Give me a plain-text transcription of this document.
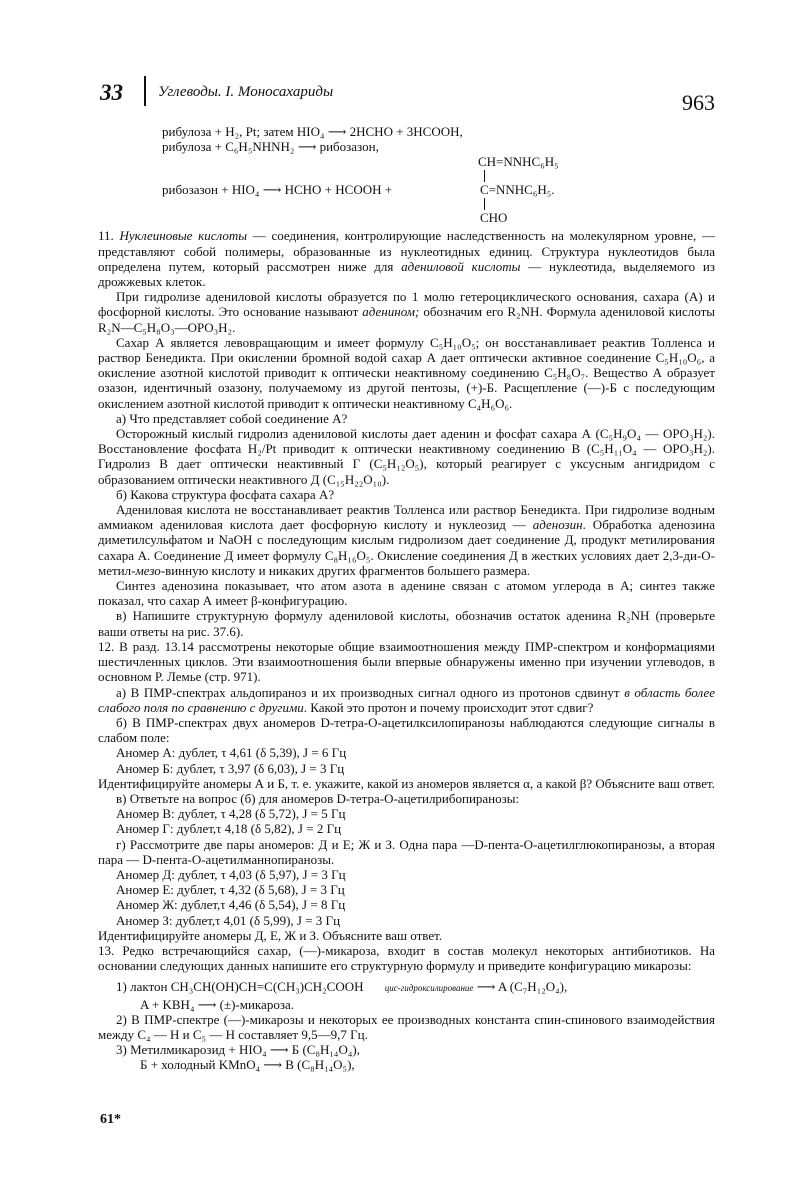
33 Углеводы. I. Моносахариды	963

рибулоза + H₂, Pt; затем HIO₄ ⟶ 2HCHO + 3HCOOH,

рибулоза + C₆H₅NHNH₂ ⟶ рибозазон,

CH=NNHC₆H₅
рибозазон + HIO₄ ⟶ HCHO + HCOOH +	C=NNHC₆H₅.
CHO

11. Нуклеиновые кислоты — соединения, контролирующие наследственность на молекулярном уровне, — представляют собой полимеры, образованные из нуклеотидных единиц. Структура нуклеотидов была определена путем, который рассмотрен ниже для адениловой кислоты — нуклеотида, выделяемого из дрожжевых клеток.

При гидролизе адениловой кислоты образуется по 1 молю гетероциклического основания, сахара (А) и фосфорной кислоты. Это основание называют аденином; обозначим его R₂NH. Формула адениловой кислоты R₂N—C₅H₈O₃—OPO₃H₂.

Сахар А является левовращающим и имеет формулу C₅H₁₀O₅; он восстанавливает реактив Толленса и раствор Бенедикта. При окислении бромной водой сахар А дает оптически активное соединение C₅H₁₀O₆, а окисление азотной кислотой приводит к оптически неактивному соединению C₅H₈O₇. Вещество А образует озазон, идентичный озазону, получаемому из другой пентозы, (+)-Б. Расщепление (—)-Б с последующим окислением азотной кислотой приводит к оптически неактивному C₄H₆O₆.

а) Что представляет собой соединение А?

Осторожный кислый гидролиз адениловой кислоты дает аденин и фосфат сахара А (C₅H₉O₄ — OPO₃H₂). Восстановление фосфата H₂/Pt приводит к оптически неактивному соединению В (C₅H₁₁O₄ — OPO₃H₂). Гидролиз В дает оптически неактивный Г (C₅H₁₂O₅), который реагирует с уксусным ангидридом с образованием оптически неактивного Д (C₁₅H₂₂O₁₀).

б) Какова структура фосфата сахара А?

Адениловая кислота не восстанавливает реактив Толленса или раствор Бенедикта. При гидролизе водным аммиаком адениловая кислота дает фосфорную кислоту и нуклеозид — аденозин. Обработка аденозина диметилсульфатом и NaOH с последующим кислым гидролизом дает соединение Д, продукт метилирования сахара А. Соединение Д имеет формулу C₈H₁₆O₅. Окисление соединения Д в жестких условиях дает 2,3-ди-О-метил-мезо-винную кислоту и никаких других фрагментов большего размера.

Синтез аденозина показывает, что атом азота в аденине связан с атомом углерода в А; синтез также показал, что сахар А имеет β-конфигурацию.

в) Напишите структурную формулу адениловой кислоты, обозначив остаток аденина R₂NH (проверьте ваши ответы на рис. 37.6).

12. В разд. 13.14 рассмотрены некоторые общие взаимоотношения между ПМР-спектром и конформациями шестичленных циклов. Эти взаимоотношения были впервые обнаружены именно при изучении углеводов, в основном Р. Лемье (стр. 971).

а) В ПМР-спектрах альдопираноз и их производных сигнал одного из протонов сдвинут в область более слабого поля по сравнению с другими. Какой это протон и почему происходит этот сдвиг?

б) В ПМР-спектрах двух аномеров D-тетра-О-ацетилксилопиранозы наблюдаются следующие сигналы в слабом поле:

Аномер А: дублет, τ 4,61 (δ 5,39), J = 6 Гц

Аномер Б: дублет, τ 3,97 (δ 6,03), J = 3 Гц

Идентифицируйте аномеры А и Б, т. е. укажите, какой из аномеров является α, а какой β? Объясните ваш ответ.

в) Ответьте на вопрос (б) для аномеров D-тетра-О-ацетилрибопиранозы:

Аномер В: дублет, τ 4,28 (δ 5,72), J = 5 Гц

Аномер Г: дублет,τ 4,18 (δ 5,82), J = 2 Гц

г) Рассмотрите две пары аномеров: Д и Е; Ж и З. Одна пара —D-пента-О-ацетилглюкопиранозы, а вторая пара — D-пента-О-ацетилманнопиранозы.

Аномер Д: дублет, τ 4,03 (δ 5,97), J = 3 Гц

Аномер Е: дублет, τ 4,32 (δ 5,68), J = 3 Гц

Аномер Ж: дублет,τ 4,46 (δ 5,54), J = 8 Гц

Аномер З: дублет,τ 4,01 (δ 5,99), J = 3 Гц

Идентифицируйте аномеры Д, Е, Ж и З. Объясните ваш ответ.

13. Редко встречающийся сахар, (—)-микароза, входит в состав молекул некоторых антибиотиков. На основании следующих данных напишите его структурную формулу и приведите конфигурацию микарозы:

1) лактон CH₃CH(OH)CH=C(CH₃)CH₂COOH цис-гидроксилирование ⟶ A (C₇H₁₂O₄),

A + KBH₄ ⟶ (±)-микароза.

2) В ПМР-спектре (—)-микарозы и некоторых ее производных константа спин-спинового взаимодействия между C₄ — H и C₅ — H составляет 9,5—9,7 Гц.

3) Метилмикарозид + HIO₄ ⟶ Б (C₈H₁₄O₄),

Б + холодный KMnO₄ ⟶ В (C₈H₁₄O₅),

61*
